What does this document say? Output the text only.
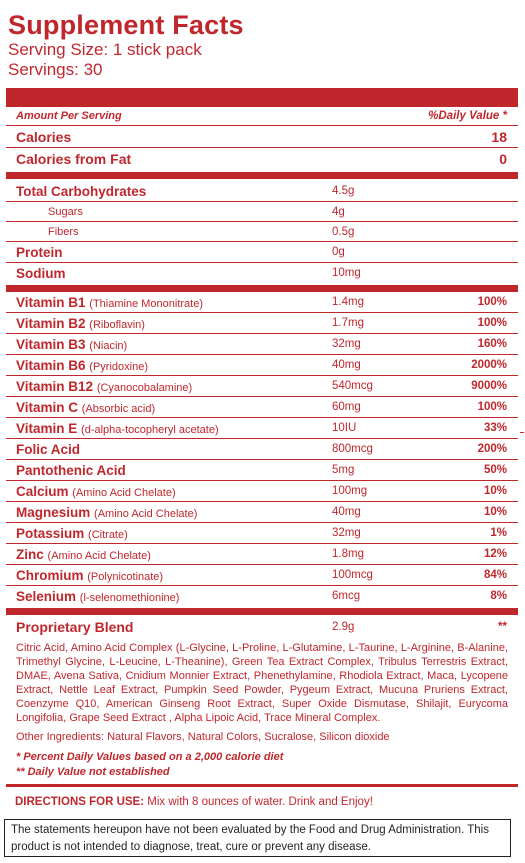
Supplement Facts
Serving Size: 1 stick pack
Servings: 30
Amount Per Serving	%Daily Value *
Calories	18
Calories from Fat	0
Total Carbohydrates	4.5g
Sugars	4g
Fibers	0.5g
Protein	0g
Sodium	10mg
Vitamin B1 (Thiamine Mononitrate)	1.4mg	100%
Vitamin B2 (Riboflavin)	1.7mg	100%
Vitamin B3 (Niacin)	32mg	160%
Vitamin B6 (Pyridoxine)	40mg	2000%
Vitamin B12 (Cyanocobalamine)	540mcg	9000%
Vitamin C (Absorbic acid)	60mg	100%
Vitamin E (d-alpha-tocopheryl acetate)	10IU	33%
Folic Acid	800mcg	200%
Pantothenic Acid	5mg	50%
Calcium (Amino Acid Chelate)	100mg	10%
Magnesium (Amino Acid Chelate)	40mg	10%
Potassium (Citrate)	32mg	1%
Zinc (Amino Acid Chelate)	1.8mg	12%
Chromium (Polynicotinate)	100mcg	84%
Selenium (l-selenomethionine)	6mcg	8%
Proprietary Blend	2.9g	**
Citric Acid, Amino Acid Complex (L-Glycine, L-Proline, L-Glutamine, L-Taurine, L-Arginine, B-Alanine, Trimethyl Glycine, L-Leucine, L-Theanine), Green Tea Extract Complex, Tribulus Terrestris Extract, DMAE, Avena Sativa, Cnidium Monnier Extract, Phenethylamine, Rhodiola Extract, Maca, Lycopene Extract, Nettle Leaf Extract, Pumpkin Seed Powder, Pygeum Extract, Mucuna Pruriens Extract, Coenzyme Q10, American Ginseng Root Extract, Super Oxide Dismutase, Shilajit, Eurycoma Longifolia, Grape Seed Extract , Alpha Lipoic Acid, Trace Mineral Complex.
Other Ingredients: Natural Flavors, Natural Colors, Sucralose, Silicon dioxide
* Percent Daily Values based on a 2,000 calorie diet
** Daily Value not established
DIRECTIONS FOR USE: Mix with 8 ounces of water. Drink and Enjoy!
The statements hereupon have not been evaluated by the Food and Drug Administration. This product is not intended to diagnose, treat, cure or prevent any disease.
